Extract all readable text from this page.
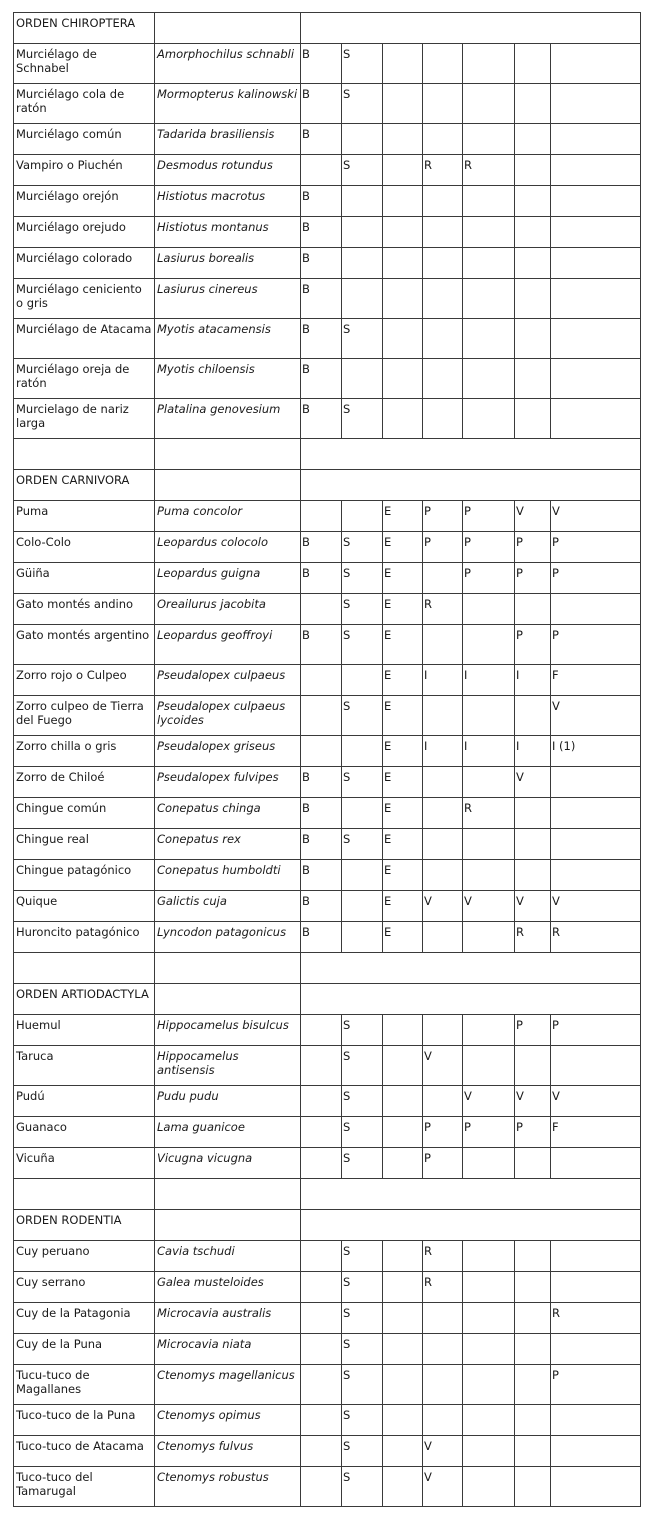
ORDEN CHIROPTERA								
Murciélago de Schnabel	Amorphochilus schnabli	B	S					
Murciélago cola de ratón	Mormopterus kalinowski	B	S					
Murciélago común	Tadarida brasiliensis	B						
Vampiro o Piuchén	Desmodus rotundus		S		R	R		
Murciélago orejón	Histiotus macrotus	B						
Murciélago orejudo	Histiotus montanus	B						
Murciélago colorado	Lasiurus borealis	B						
Murciélago ceniciento o gris	Lasiurus cinereus	B						
Murciélago de Atacama	Myotis atacamensis	B	S					
Murciélago oreja de ratón	Myotis chiloensis	B						
Murcielago de nariz larga	Platalina genovesium	B	S					

ORDEN CARNIVORA								
Puma	Puma concolor			E	P	P	V	V
Colo-Colo	Leopardus colocolo	B	S	E	P	P	P	P
Güiña	Leopardus guigna	B	S	E		P	P	P
Gato montés andino	Oreailurus jacobita		S	E	R			
Gato montés argentino	Leopardus geoffroyi	B	S	E			P	P
Zorro rojo o Culpeo	Pseudalopex culpaeus			E	I	I	I	F
Zorro culpeo de Tierra del Fuego	Pseudalopex culpaeus lycoides		S	E				V
Zorro chilla o gris	Pseudalopex griseus			E	I	I	I	I (1)
Zorro de Chiloé	Pseudalopex fulvipes	B	S	E			V	
Chingue común	Conepatus chinga	B		E		R		
Chingue real	Conepatus rex	B	S	E				
Chingue patagónico	Conepatus humboldti	B		E				
Quique	Galictis cuja	B		E	V	V	V	V
Huroncito patagónico	Lyncodon patagonicus	B		E			R	R

ORDEN ARTIODACTYLA								
Huemul	Hippocamelus bisulcus		S				P	P
Taruca	Hippocamelus antisensis		S		V			
Pudú	Pudu pudu		S			V	V	V
Guanaco	Lama guanicoe		S		P	P	P	F
Vicuña	Vicugna vicugna		S		P			

ORDEN RODENTIA								
Cuy peruano	Cavia tschudi		S		R			
Cuy serrano	Galea musteloides		S		R			
Cuy de la Patagonia	Microcavia australis		S					R
Cuy de la Puna	Microcavia niata		S					
Tucu-tuco de Magallanes	Ctenomys magellanicus		S					P
Tuco-tuco de la Puna	Ctenomys opimus		S					
Tuco-tuco de Atacama	Ctenomys fulvus		S		V			
Tuco-tuco del Tamarugal	Ctenomys robustus		S		V			
